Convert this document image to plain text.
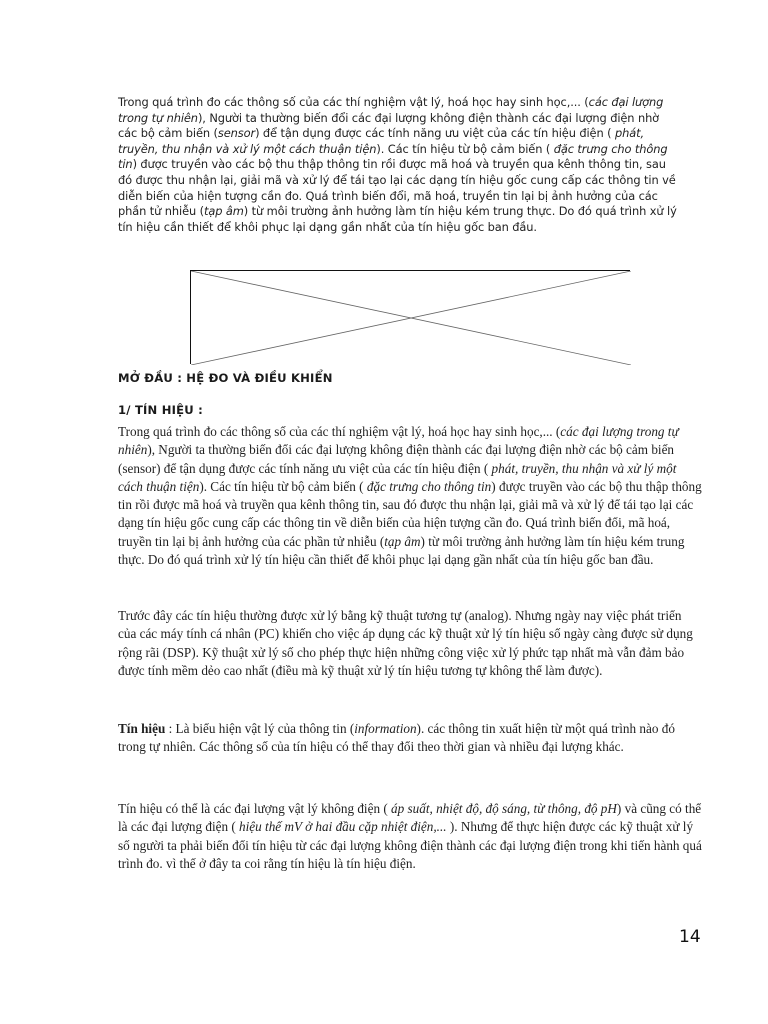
Trong quá trình đo các thông số của các thí nghiệm vật lý, hoá học hay sinh học,... (các đại lượng trong tự nhiên), Người ta thường biến đổi các đại lượng không điện thành các đại lượng điện nhờ các bộ cảm biến (sensor) để tận dụng được các tính năng ưu việt của các tín hiệu điện ( phát, truyền, thu nhận và xử lý một cách thuận tiện). Các tín hiệu từ bộ cảm biến ( đặc trưng cho thông tin) được truyền vào các bộ thu thập thông tin rồi được mã hoá và truyền qua kênh thông tin, sau đó được thu nhận lại, giải mã và xử lý để tái tạo lại các dạng tín hiệu gốc cung cấp các thông tin về diễn biến của hiện tượng cần đo. Quá trình biến đổi, mã hoá, truyền tin lại bị ảnh hưởng của các phần tử nhiễu (tạp âm) từ môi trường ảnh hưởng làm tín hiệu kém trung thực. Do đó quá trình xử lý tín hiệu cần thiết để khôi phục lại dạng gần nhất của tín hiệu gốc ban đầu.

MỞ ĐẦU : HỆ ĐO VÀ ĐIỀU KHIỂN
1/ TÍN HIỆU :

Trong quá trình đo các thông số của các thí nghiệm vật lý, hoá học hay sinh học,... (các đại lượng trong tự nhiên), Người ta thường biến đổi các đại lượng không điện thành các đại lượng điện nhờ các bộ cảm biến (sensor) để tận dụng được các tính năng ưu việt của các tín hiệu điện ( phát, truyền, thu nhận và xử lý một cách thuận tiện). Các tín hiệu từ bộ cảm biến ( đặc trưng cho thông tin) được truyền vào các bộ thu thập thông tin rồi được mã hoá và truyền qua kênh thông tin, sau đó được thu nhận lại, giải mã và xử lý để tái tạo lại các dạng tín hiệu gốc cung cấp các thông tin về diễn biến của hiện tượng cần đo. Quá trình biến đổi, mã hoá, truyền tin lại bị ảnh hưởng của các phần tử nhiễu (tạp âm) từ môi trường ảnh hưởng làm tín hiệu kém trung thực. Do đó quá trình xử lý tín hiệu cần thiết để khôi phục lại dạng gần nhất của tín hiệu gốc ban đầu.

Trước đây các tín hiệu thường được xử lý bằng kỹ thuật tương tự (analog). Nhưng ngày nay việc phát triển của các máy tính cá nhân (PC) khiến cho việc áp dụng các kỹ thuật xử lý tín hiệu số ngày càng được sử dụng rộng rãi (DSP). Kỹ thuật xử lý số cho phép thực hiện những công việc xử lý phức tạp nhất mà vẫn đảm bảo được tính mềm dẻo cao nhất (điều mà kỹ thuật xử lý tín hiệu tương tự không thể làm được).

Tín hiệu : Là biểu hiện vật lý của thông tin (information). các thông tin xuất hiện từ một quá trình nào đó trong tự nhiên. Các thông số của tín hiệu có thể thay đổi theo thời gian và nhiều đại lượng khác.

Tín hiệu có thể là các đại lượng vật lý không điện ( áp suất, nhiệt độ, độ sáng, từ thông, độ pH) và cũng có thể là các đại lượng điện ( hiệu thế mV ở hai đầu cặp nhiệt điện,... ). Nhưng để thực hiện được các kỹ thuật xử lý số người ta phải biến đổi tín hiệu từ các đại lượng không điện thành các đại lượng điện trong khi tiến hành quá trình đo. vì thế ở đây ta coi rằng tín hiệu là tín hiệu điện.

14
